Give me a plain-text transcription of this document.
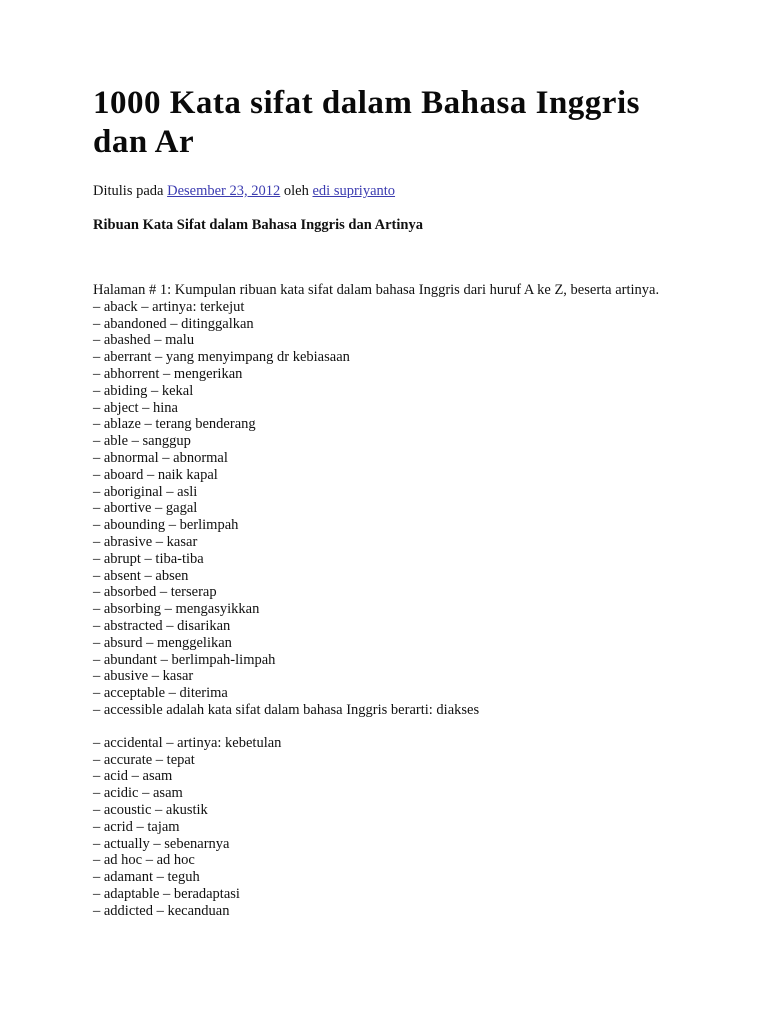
1000 Kata sifat dalam Bahasa Inggris dan Ar
Ditulis pada Desember 23, 2012 oleh edi supriyanto
Ribuan Kata Sifat dalam Bahasa Inggris dan Artinya
Halaman # 1: Kumpulan ribuan kata sifat dalam bahasa Inggris dari huruf A ke Z, beserta artinya.
– aback – artinya: terkejut
– abandoned – ditinggalkan
– abashed – malu
– aberrant – yang menyimpang dr kebiasaan
– abhorrent – mengerikan
– abiding – kekal
– abject – hina
– ablaze – terang benderang
– able – sanggup
– abnormal – abnormal
– aboard – naik kapal
– aboriginal – asli
– abortive – gagal
– abounding – berlimpah
– abrasive – kasar
– abrupt – tiba-tiba
– absent – absen
– absorbed – terserap
– absorbing – mengasyikkan
– abstracted – disarikan
– absurd – menggelikan
– abundant – berlimpah-limpah
– abusive – kasar
– acceptable – diterima
– accessible adalah kata sifat dalam bahasa Inggris berarti: diakses
– accidental – artinya: kebetulan
– accurate – tepat
– acid – asam
– acidic – asam
– acoustic – akustik
– acrid – tajam
– actually – sebenarnya
– ad hoc – ad hoc
– adamant – teguh
– adaptable – beradaptasi
– addicted – kecanduan
